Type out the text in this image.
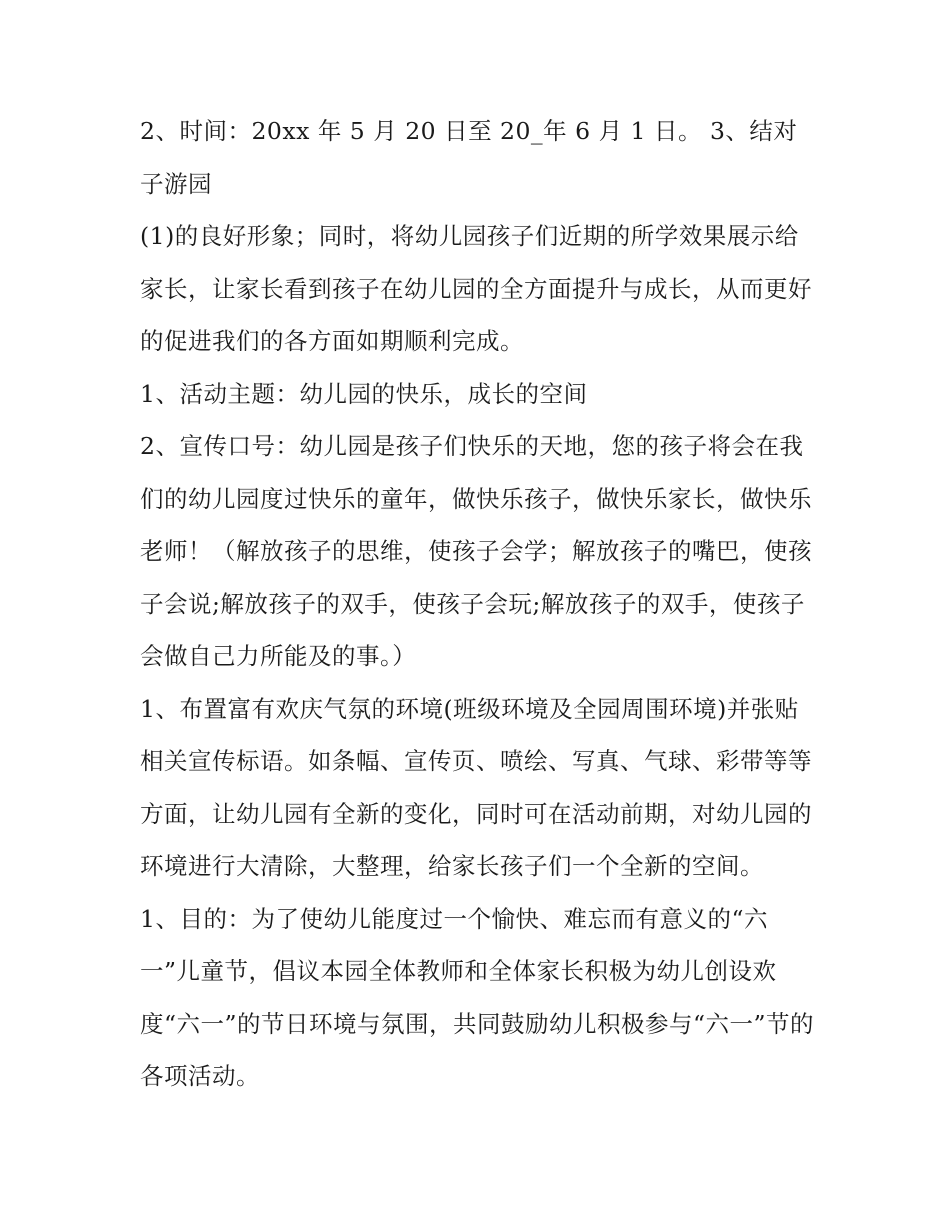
2、时间：20xx 年 5 月 20 日至 20_年 6 月 1 日。 3、结对子游园

(1)的良好形象；同时，将幼儿园孩子们近期的所学效果展示给家长，让家长看到孩子在幼儿园的全方面提升与成长，从而更好的促进我们的各方面如期顺利完成。

1、活动主题：幼儿园的快乐，成长的空间

2、宣传口号：幼儿园是孩子们快乐的天地，您的孩子将会在我们的幼儿园度过快乐的童年，做快乐孩子，做快乐家长，做快乐老师！（解放孩子的思维，使孩子会学；解放孩子的嘴巴，使孩子会说;解放孩子的双手，使孩子会玩;解放孩子的双手，使孩子会做自己力所能及的事。）

1、布置富有欢庆气氛的环境(班级环境及全园周围环境)并张贴相关宣传标语。如条幅、宣传页、喷绘、写真、气球、彩带等等方面，让幼儿园有全新的变化，同时可在活动前期，对幼儿园的环境进行大清除，大整理，给家长孩子们一个全新的空间。

1、目的：为了使幼儿能度过一个愉快、难忘而有意义的“六一”儿童节，倡议本园全体教师和全体家长积极为幼儿创设欢度“六一”的节日环境与氛围，共同鼓励幼儿积极参与“六一”节的各项活动。
